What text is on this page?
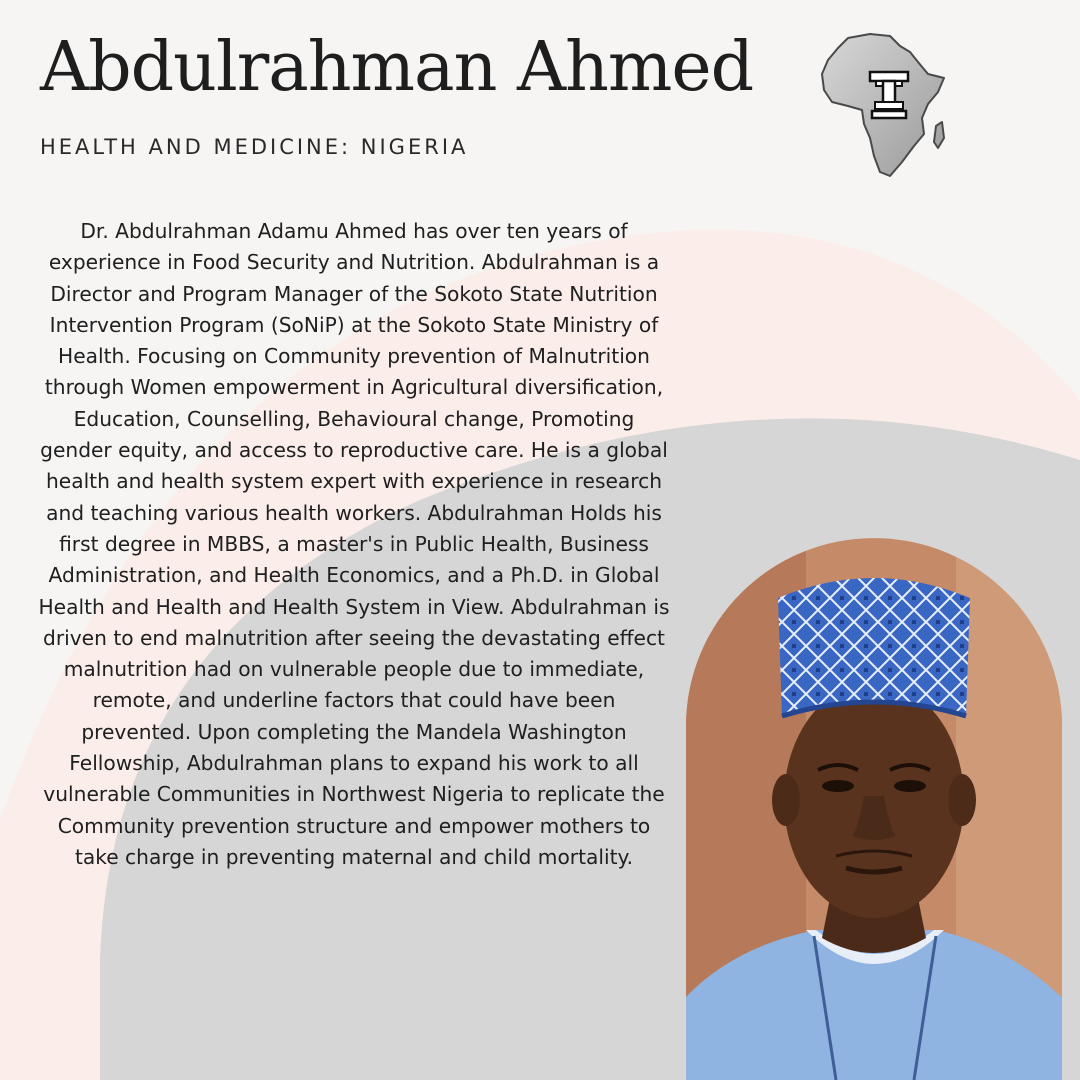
Abdulrahman Ahmed
HEALTH AND MEDICINE: NIGERIA

Dr. Abdulrahman Adamu Ahmed has over ten years of experience in Food Security and Nutrition. Abdulrahman is a Director and Program Manager of the Sokoto State Nutrition Intervention Program (SoNiP) at the Sokoto State Ministry of Health. Focusing on Community prevention of Malnutrition through Women empowerment in Agricultural diversification, Education, Counselling, Behavioural change, Promoting gender equity, and access to reproductive care. He is a global health and health system expert with experience in research and teaching various health workers. Abdulrahman Holds his first degree in MBBS, a master's in Public Health, Business Administration, and Health Economics, and a Ph.D. in Global Health and Health and Health System in View. Abdulrahman is driven to end malnutrition after seeing the devastating effect malnutrition had on vulnerable people due to immediate, remote, and underline factors that could have been prevented. Upon completing the Mandela Washington Fellowship, Abdulrahman plans to expand his work to all vulnerable Communities in Northwest Nigeria to replicate the Community prevention structure and empower mothers to take charge in preventing maternal and child mortality.
